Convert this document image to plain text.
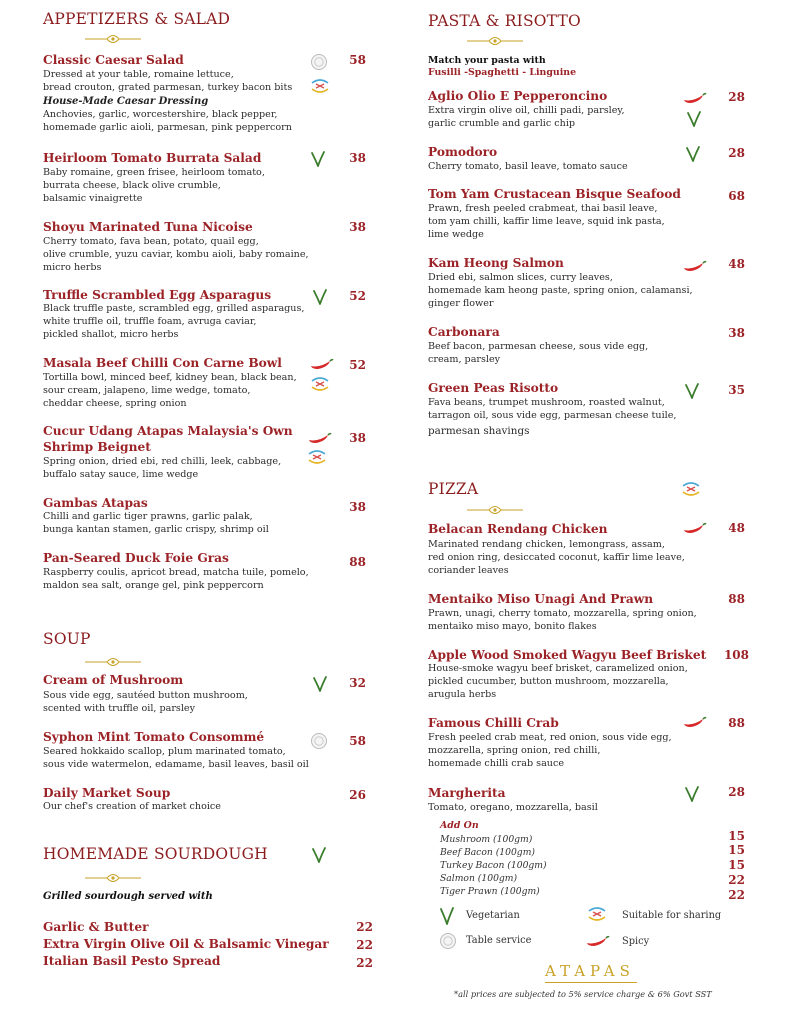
APPETIZERS & SALAD
Classic Caesar Salad	58
Dressed at your table, romaine lettuce,
bread crouton, grated parmesan, turkey bacon bits
House-Made Caesar Dressing
Anchovies, garlic, worcestershire, black pepper,
homemade garlic aioli, parmesan, pink peppercorn
Heirloom Tomato Burrata Salad	38
Baby romaine, green frisee, heirloom tomato,
burrata cheese, black olive crumble,
balsamic vinaigrette
Shoyu Marinated Tuna Nicoise	38
Cherry tomato, fava bean, potato, quail egg,
olive crumble, yuzu caviar, kombu aioli, baby romaine,
micro herbs
Truffle Scrambled Egg Asparagus	52
Black truffle paste, scrambled egg, grilled asparagus,
white truffle oil, truffle foam, avruga caviar,
pickled shallot, micro herbs
Masala Beef Chilli Con Carne Bowl	52
Tortilla bowl, minced beef, kidney bean, black bean,
sour cream, jalapeno, lime wedge, tomato,
cheddar cheese, spring onion
Cucur Udang Atapas Malaysia's Own
Shrimp Beignet
38
Spring onion, dried ebi, red chilli, leek, cabbage,
buffalo satay sauce, lime wedge
Gambas Atapas	38
Chilli and garlic tiger prawns, garlic palak,
bunga kantan stamen, garlic crispy, shrimp oil
Pan-Seared Duck Foie Gras	88
Raspberry coulis, apricot bread, matcha tuile, pomelo,
maldon sea salt, orange gel, pink peppercorn
SOUP
Cream of Mushroom	32
Sous vide egg, sautéed button mushroom,
scented with truffle oil, parsley
Syphon Mint Tomato Consommé	58
Seared hokkaido scallop, plum marinated tomato,
sous vide watermelon, edamame, basil leaves, basil oil
Daily Market Soup	26
Our chef's creation of market choice
HOMEMADE SOURDOUGH
Grilled sourdough served with
Garlic & Butter	22
Extra Virgin Olive Oil & Balsamic Vinegar	22
Italian Basil Pesto Spread	22
PASTA & RISOTTO
Match your pasta with
Fusilli -Spaghetti - Linguine
Aglio Olio E Pepperoncino	28
Extra virgin olive oil, chilli padi, parsley,
garlic crumble and garlic chip
Pomodoro	28
Cherry tomato, basil leave, tomato sauce
Tom Yam Crustacean Bisque Seafood	68
Prawn, fresh peeled crabmeat, thai basil leave,
tom yam chilli, kaffir lime leave, squid ink pasta,
lime wedge
Kam Heong Salmon	48
Dried ebi, salmon slices, curry leaves,
homemade kam heong paste, spring onion, calamansi,
ginger flower
Carbonara	38
Beef bacon, parmesan cheese, sous vide egg,
cream, parsley
Green Peas Risotto	35
Fava beans, trumpet mushroom, roasted walnut,
tarragon oil, sous vide egg, parmesan cheese tuile,
parmesan shavings
PIZZA
Belacan Rendang Chicken	48
Marinated rendang chicken, lemongrass, assam,
red onion ring, desiccated coconut, kaffir lime leave,
coriander leaves
Mentaiko Miso Unagi And Prawn	88
Prawn, unagi, cherry tomato, mozzarella, spring onion,
mentaiko miso mayo, bonito flakes
Apple Wood Smoked Wagyu Beef Brisket	108
House-smoke wagyu beef brisket, caramelized onion,
pickled cucumber, button mushroom, mozzarella,
arugula herbs
Famous Chilli Crab	88
Fresh peeled crab meat, red onion, sous vide egg,
mozzarella, spring onion, red chilli,
homemade chilli crab sauce
Margherita	28
Tomato, oregano, mozzarella, basil
Add On
Mushroom (100gm)	15
Beef Bacon (100gm)	15
Turkey Bacon (100gm)	15
Salmon (100gm)	22
Tiger Prawn (100gm)	22
Vegetarian	Suitable for sharing
Table service	Spicy
ATAPAS
*all prices are subjected to 5% service charge & 6% Govt SST
